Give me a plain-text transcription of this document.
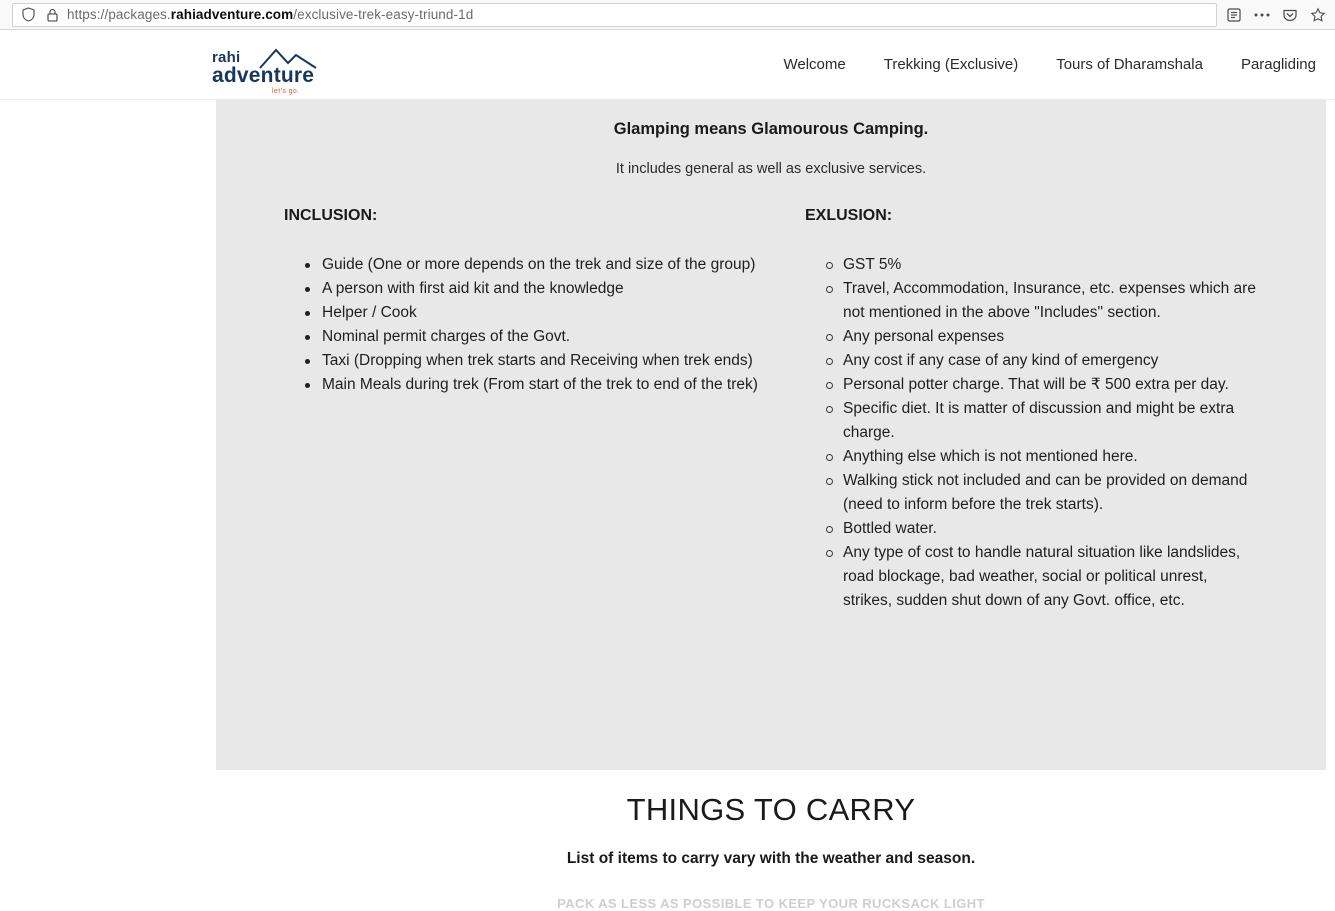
https://packages.rahiadventure.com/exclusive-trek-easy-triund-1d
rahi
adventure
let's go.
Welcome	Trekking (Exclusive)	Tours of Dharamshala	Paragliding
Glamping means Glamourous Camping.
It includes general as well as exclusive services.
INCLUSION:
Guide (One or more depends on the trek and size of the group)
A person with first aid kit and the knowledge
Helper / Cook
Nominal permit charges of the Govt.
Taxi (Dropping when trek starts and Receiving when trek ends)
Main Meals during trek (From start of the trek to end of the trek)
EXLUSION:
GST 5%
Travel, Accommodation, Insurance, etc. expenses which are not mentioned in the above "Includes" section.
Any personal expenses
Any cost if any case of any kind of emergency
Personal potter charge. That will be ₹ 500 extra per day.
Specific diet. It is matter of discussion and might be extra charge.
Anything else which is not mentioned here.
Walking stick not included and can be provided on demand (need to inform before the trek starts).
Bottled water.
Any type of cost to handle natural situation like landslides, road blockage, bad weather, social or political unrest, strikes, sudden shut down of any Govt. office, etc.
THINGS TO CARRY
List of items to carry vary with the weather and season.
PACK AS LESS AS POSSIBLE TO KEEP YOUR RUCKSACK LIGHT
